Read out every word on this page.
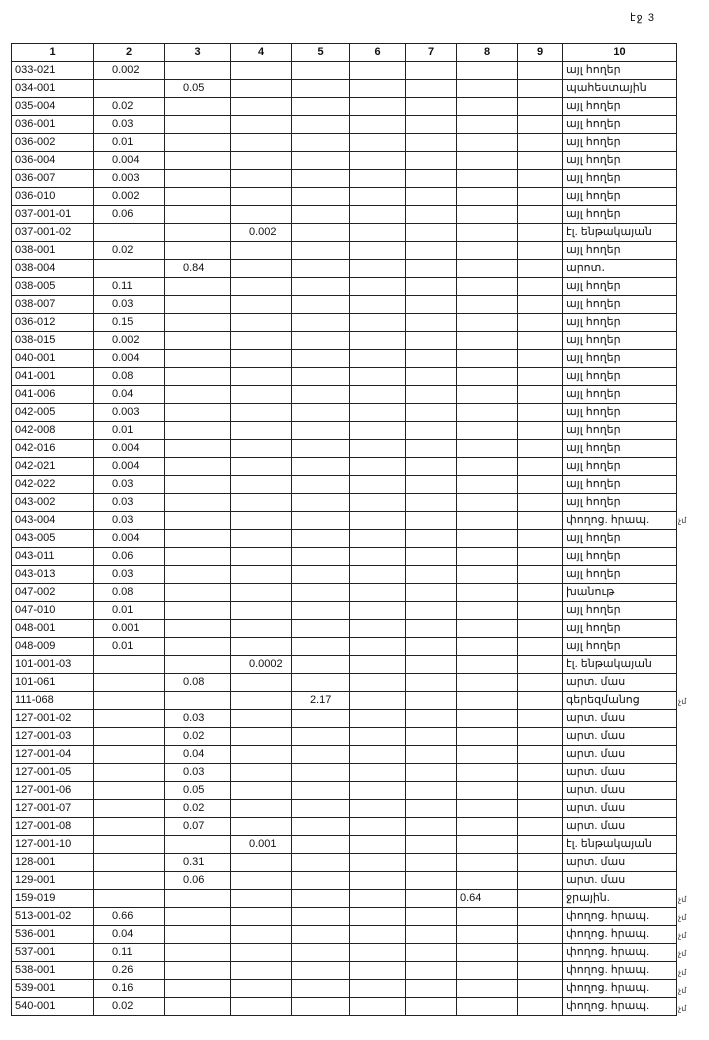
էջ 3
1	2	3	4	5	6	7	8	9	10
033-021	0.002								այլ հողեր
034-001		0.05							պահեստային
035-004	0.02								այլ հողեր
036-001	0.03								այլ հողեր
036-002	0.01								այլ հողեր
036-004	0.004								այլ հողեր
036-007	0.003								այլ հողեր
036-010	0.002								այլ հողեր
037-001-01	0.06								այլ հողեր
037-001-02			0.002						էլ. ենթակայան
038-001	0.02								այլ հողեր
038-004		0.84							արոտ․
038-005	0.11								այլ հողեր
038-007	0.03								այլ հողեր
036-012	0.15								այլ հողեր
038-015	0.002								այլ հողեր
040-001	0.004								այլ հողեր
041-001	0.08								այլ հողեր
041-006	0.04								այլ հողեր
042-005	0.003								այլ հողեր
042-008	0.01								այլ հողեր
042-016	0.004								այլ հողեր
042-021	0.004								այլ հողեր
042-022	0.03								այլ հողեր
043-002	0.03								այլ հողեր
043-004	0.03								փողոց. հրապ.
043-005	0.004								այլ հողեր
043-011	0.06								այլ հողեր
043-013	0.03								այլ հողեր
047-002	0.08								խանութ
047-010	0.01								այլ հողեր
048-001	0.001								այլ հողեր
048-009	0.01								այլ հողեր
101-001-03			0.0002						էլ. ենթակայան
101-061		0.08							արտ. մաս
111-068				2.17					գերեզմանոց
127-001-02		0.03							արտ. մաս
127-001-03		0.02							արտ. մաս
127-001-04		0.04							արտ. մաս
127-001-05		0.03							արտ. մաս
127-001-06		0.05							արտ. մաս
127-001-07		0.02							արտ. մաս
127-001-08		0.07							արտ. մաս
127-001-10			0.001						էլ. ենթակայան
128-001		0.31							արտ. մաս
129-001		0.06							արտ. մաս
159-019							0.64		ջրային.
513-001-02	0.66								փողոց. հրապ.
536-001	0.04								փողոց. հրապ.
537-001	0.11								փողոց. հրապ.
538-001	0.26								փողոց. հրապ.
539-001	0.16								փողոց. հրապ.
540-001	0.02								փողոց. հրապ.
չմ
չմ
չմ
չմ
չմ
չմ
չմ
չմ
չմ
